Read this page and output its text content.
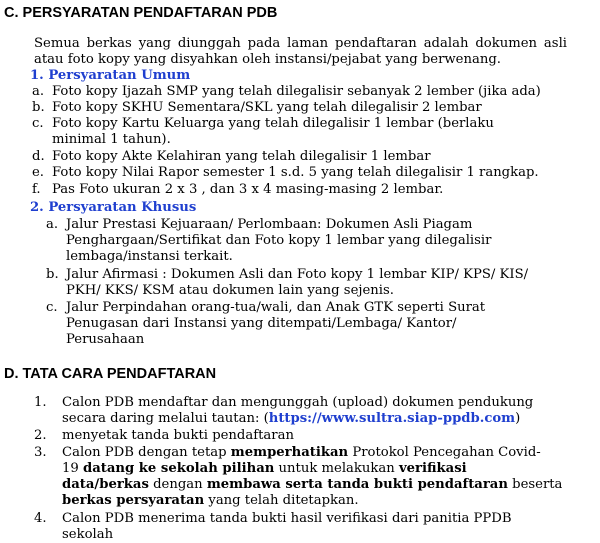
C. PERSYARATAN PENDAFTARAN PDB
Semua berkas yang diunggah pada laman pendaftaran adalah dokumen asli
atau foto kopy yang disyahkan oleh instansi/pejabat yang berwenang.
1. Persyaratan Umum
a. Foto kopy Ijazah SMP yang telah dilegalisir sebanyak 2 lember (jika ada)
b. Foto kopy SKHU Sementara/SKL yang telah dilegalisir 2 lembar
c. Foto kopy Kartu Keluarga yang telah dilegalisir 1 lembar (berlaku
minimal 1 tahun).
d. Foto kopy Akte Kelahiran yang telah dilegalisir 1 lembar
e. Foto kopy Nilai Rapor semester 1 s.d. 5 yang telah dilegalisir 1 rangkap.
f. Pas Foto ukuran 2 x 3 , dan 3 x 4 masing-masing 2 lembar.
2. Persyaratan Khusus
a. Jalur Prestasi Kejuaraan/ Perlombaan: Dokumen Asli Piagam
Penghargaan/Sertifikat dan Foto kopy 1 lembar yang dilegalisir
lembaga/instansi terkait.
b. Jalur Afirmasi : Dokumen Asli dan Foto kopy 1 lembar KIP/ KPS/ KIS/
PKH/ KKS/ KSM atau dokumen lain yang sejenis.
c. Jalur Perpindahan orang-tua/wali, dan Anak GTK seperti Surat
Penugasan dari Instansi yang ditempati/Lembaga/ Kantor/
Perusahaan
D. TATA CARA PENDAFTARAN
1. Calon PDB mendaftar dan mengunggah (upload) dokumen pendukung
secara daring melalui tautan: (https://www.sultra.siap-ppdb.com)
2. menyetak tanda bukti pendaftaran
3. Calon PDB dengan tetap memperhatikan Protokol Pencegahan Covid-
19 datang ke sekolah pilihan untuk melakukan verifikasi
data/berkas dengan membawa serta tanda bukti pendaftaran beserta
berkas persyaratan yang telah ditetapkan.
4. Calon PDB menerima tanda bukti hasil verifikasi dari panitia PPDB
sekolah
